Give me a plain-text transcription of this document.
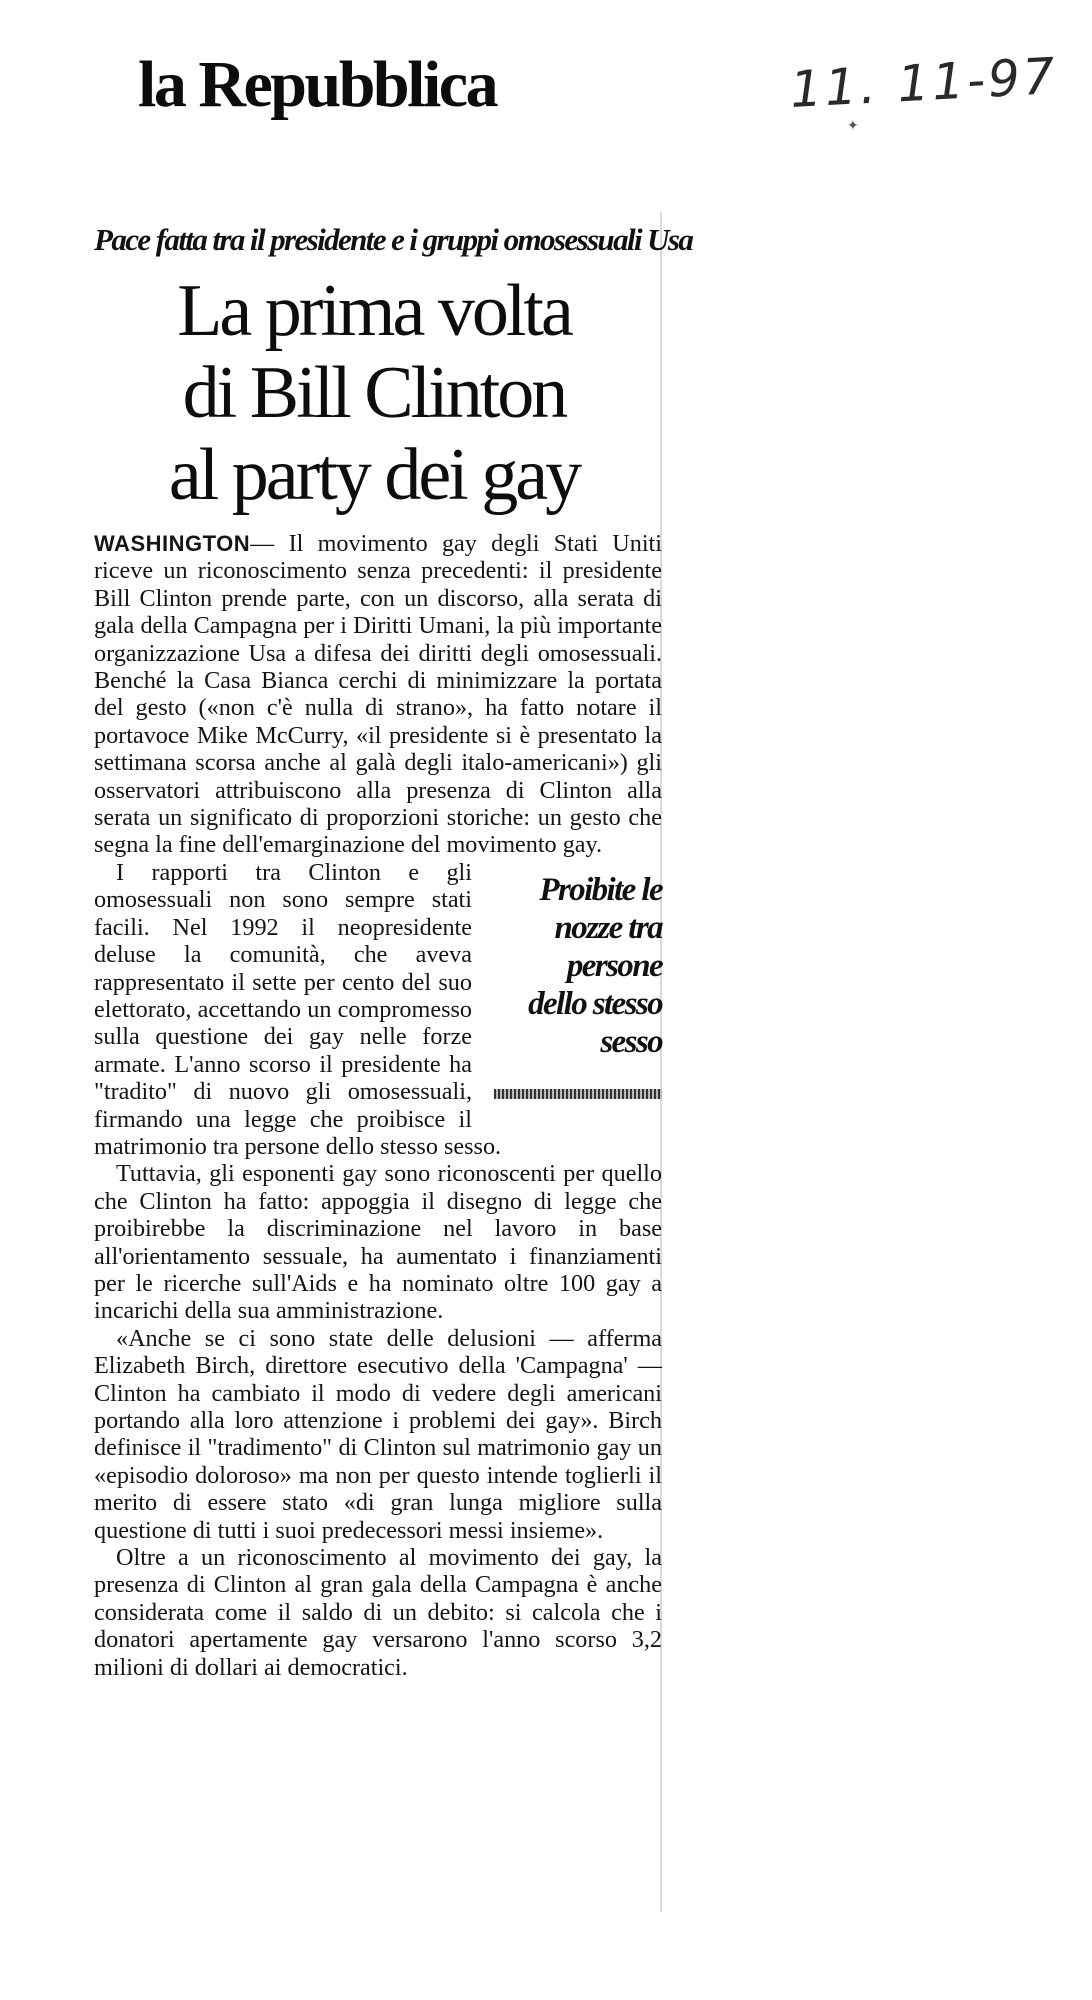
la Repubblica	11. 11-97
✦
Pace fatta tra il presidente e i gruppi omosessuali Usa
La prima volta
di Bill Clinton
al party dei gay

WASHINGTON— Il movimento gay degli Stati Uniti riceve un riconoscimento senza precedenti: il presidente Bill Clinton prende parte, con un discorso, alla serata di gala della Campagna per i Diritti Umani, la più importante organizzazione Usa a difesa dei diritti degli omosessuali. Benché la Casa Bianca cerchi di minimizzare la portata del gesto («non c'è nulla di strano», ha fatto notare il portavoce Mike McCurry, «il presidente si è presentato la settimana scorsa anche al galà degli italo-americani») gli osservatori attribuiscono alla presenza di Clinton alla serata un significato di proporzioni storiche: un gesto che segna la fine dell'emarginazione del movimento gay.

Proibite le
nozze tra
persone
dello stesso
sesso

I rapporti tra Clinton e gli omosessuali non sono sempre stati facili. Nel 1992 il neopresidente deluse la comunità, che aveva rappresentato il sette per cento del suo elettorato, accettando un compromesso sulla questione dei gay nelle forze armate. L'anno scorso il presidente ha "tradito" di nuovo gli omosessuali, firmando una legge che proibisce il matrimonio tra persone dello stesso sesso.

Tuttavia, gli esponenti gay sono riconoscenti per quello che Clinton ha fatto: appoggia il disegno di legge che proibirebbe la discriminazione nel lavoro in base all'orientamento sessuale, ha aumentato i finanziamenti per le ricerche sull'Aids e ha nominato oltre 100 gay a incarichi della sua amministrazione.

«Anche se ci sono state delle delusioni — afferma Elizabeth Birch, direttore esecutivo della 'Campagna' — Clinton ha cambiato il modo di vedere degli americani portando alla loro attenzione i problemi dei gay». Birch definisce il "tradimento" di Clinton sul matrimonio gay un «episodio doloroso» ma non per questo intende toglierli il merito di essere stato «di gran lunga migliore sulla questione di tutti i suoi predecessori messi insieme».

Oltre a un riconoscimento al movimento dei gay, la presenza di Clinton al gran gala della Campagna è anche considerata come il saldo di un debito: si calcola che i donatori apertamente gay versarono l'anno scorso 3,2 milioni di dollari ai democratici.
